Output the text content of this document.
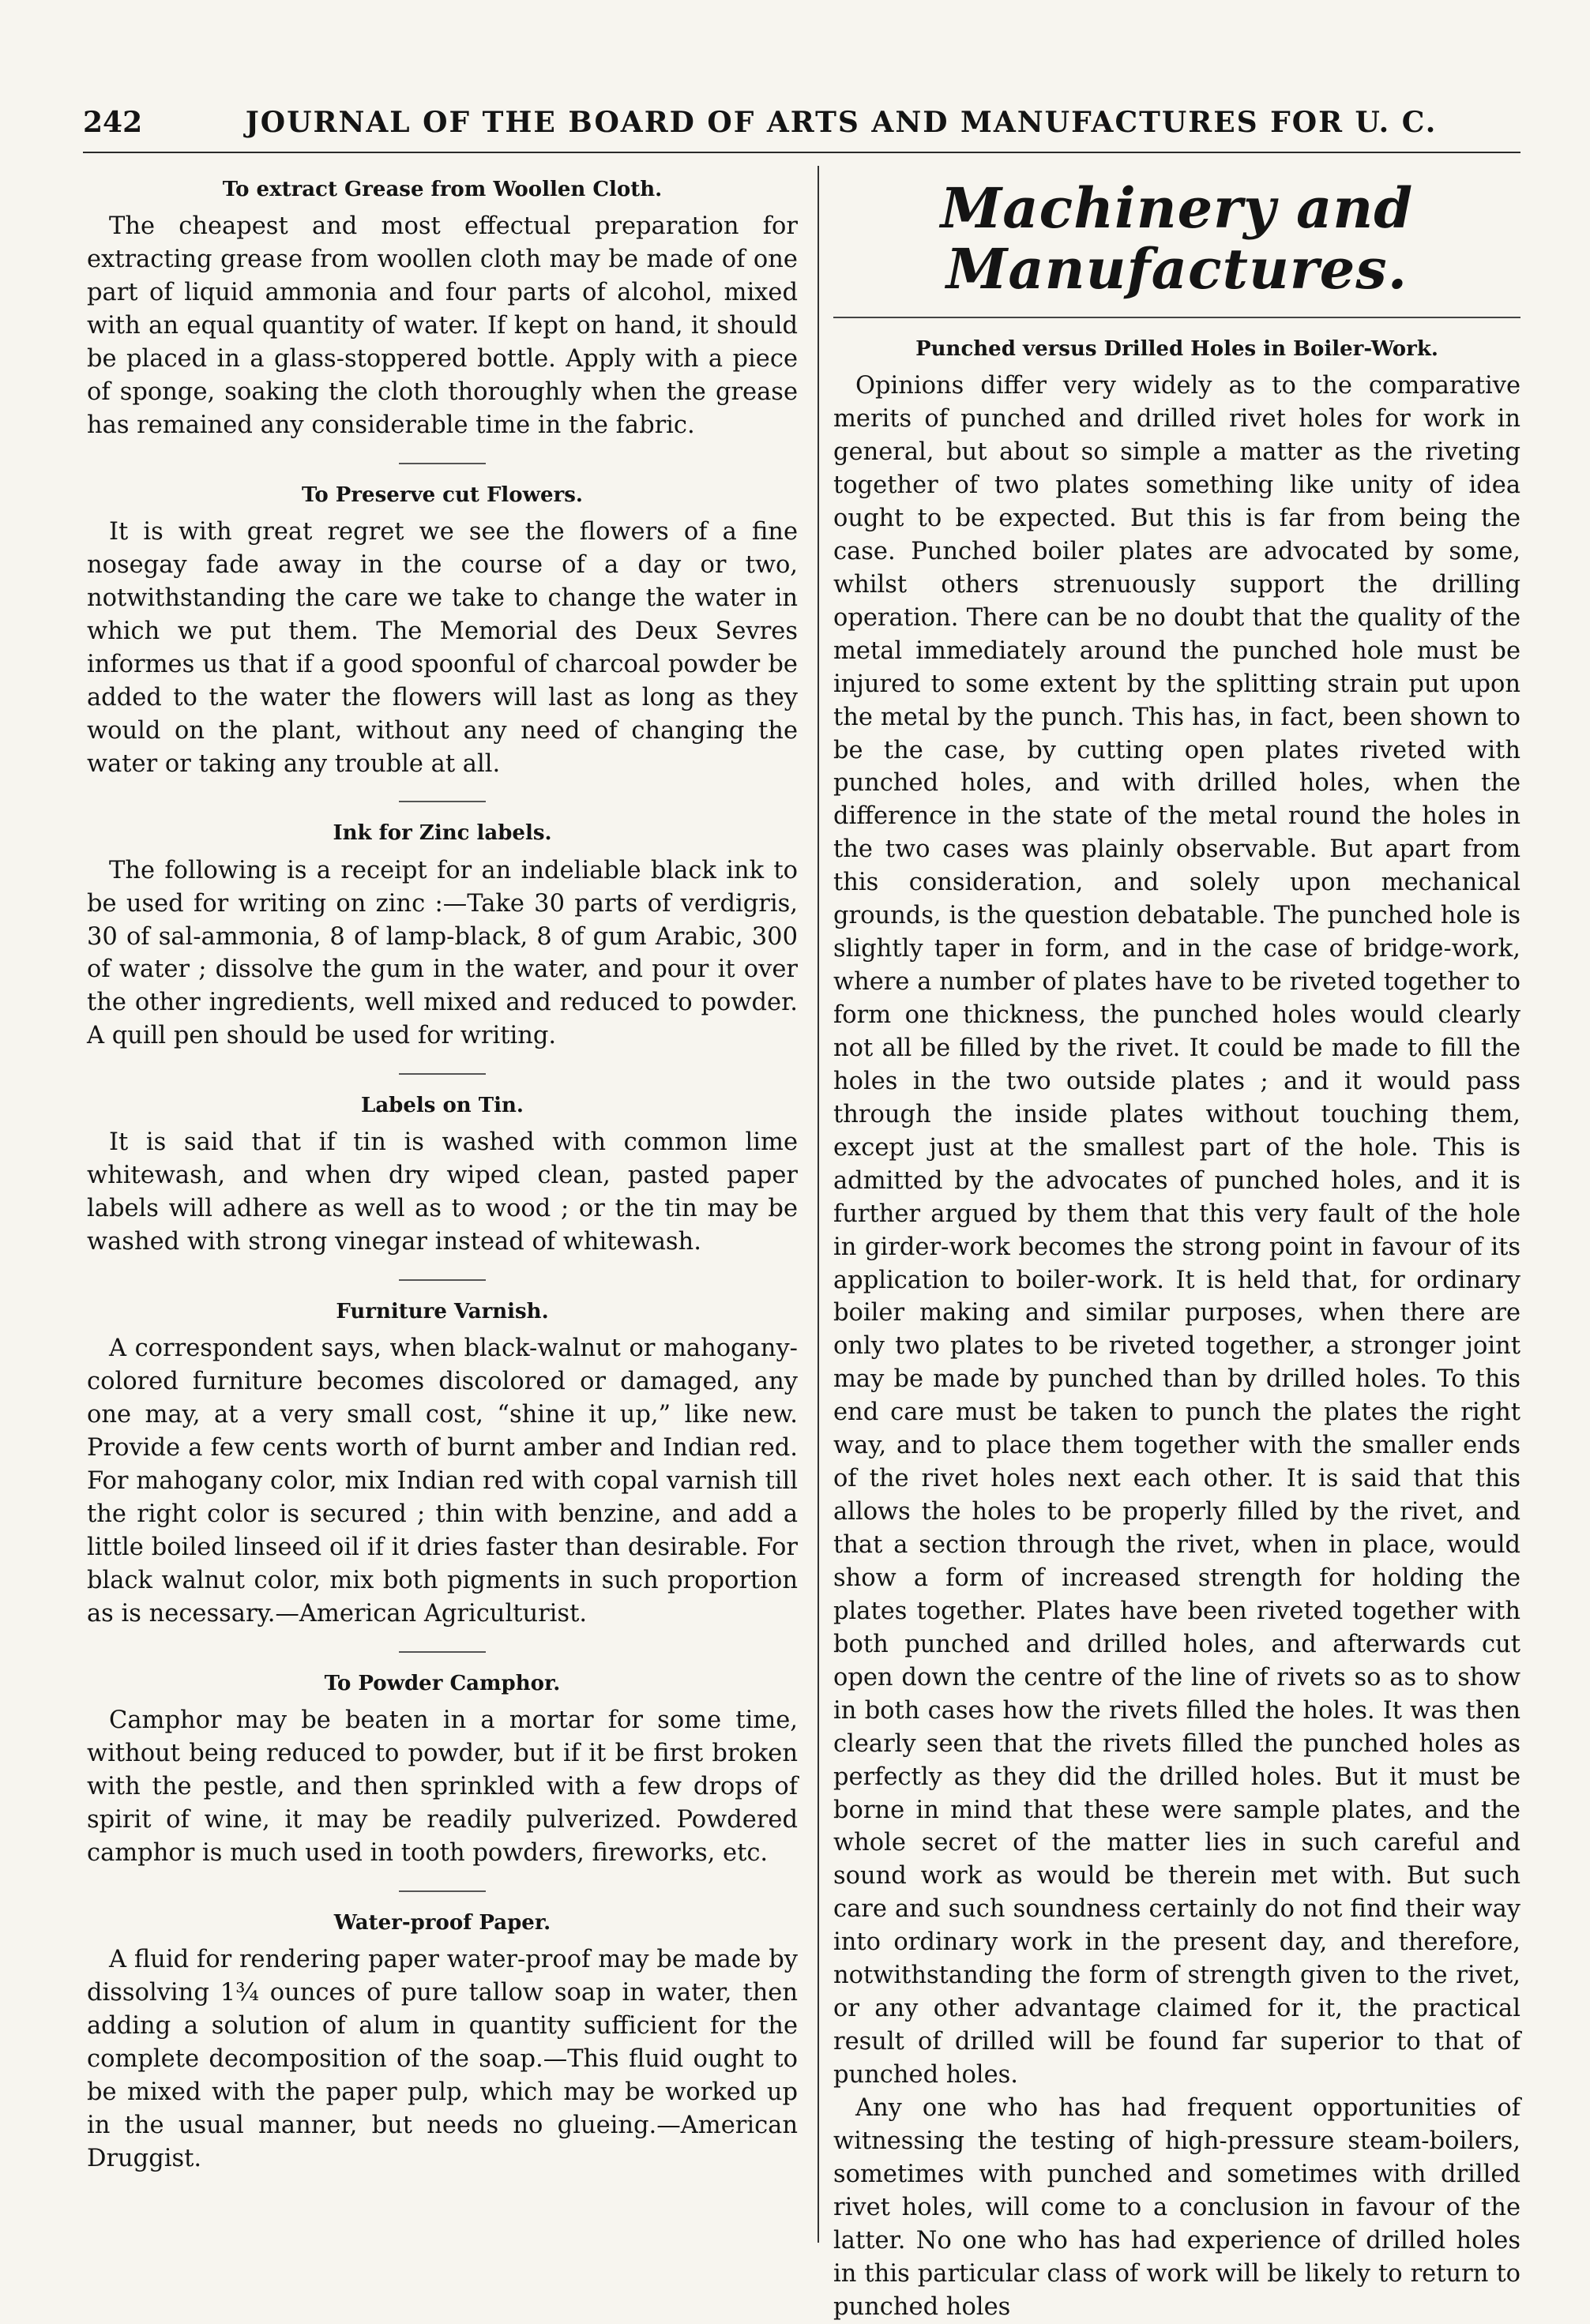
242	JOURNAL OF THE BOARD OF ARTS AND MANUFACTURES FOR U. C.
To extract Grease from Woollen Cloth.

The cheapest and most effectual preparation for extracting grease from woollen cloth may be made of one part of liquid ammonia and four parts of alcohol, mixed with an equal quantity of water. If kept on hand, it should be placed in a glass-stoppered bottle. Apply with a piece of sponge, soaking the cloth thoroughly when the grease has remained any considerable time in the fabric.

To Preserve cut Flowers.

It is with great regret we see the flowers of a fine nosegay fade away in the course of a day or two, notwithstanding the care we take to change the water in which we put them. The Memorial des Deux Sevres informes us that if a good spoonful of charcoal powder be added to the water the flowers will last as long as they would on the plant, without any need of changing the water or taking any trouble at all.

Ink for Zinc labels.

The following is a receipt for an indeliable black ink to be used for writing on zinc :—Take 30 parts of verdigris, 30 of sal-ammonia, 8 of lamp-black, 8 of gum Arabic, 300 of water ; dissolve the gum in the water, and pour it over the other ingredients, well mixed and reduced to powder. A quill pen should be used for writing.

Labels on Tin.

It is said that if tin is washed with common lime whitewash, and when dry wiped clean, pasted paper labels will adhere as well as to wood ; or the tin may be washed with strong vinegar instead of whitewash.

Furniture Varnish.

A correspondent says, when black-walnut or mahogany-colored furniture becomes discolored or damaged, any one may, at a very small cost, “shine it up,” like new. Provide a few cents worth of burnt amber and Indian red. For mahogany color, mix Indian red with copal varnish till the right color is secured ; thin with benzine, and add a little boiled linseed oil if it dries faster than desirable. For black walnut color, mix both pigments in such proportion as is necessary.—American Agriculturist.

To Powder Camphor.

Camphor may be beaten in a mortar for some time, without being reduced to powder, but if it be first broken with the pestle, and then sprinkled with a few drops of spirit of wine, it may be readily pulverized. Powdered camphor is much used in tooth powders, fireworks, etc.

Water-proof Paper.

A fluid for rendering paper water-proof may be made by dissolving 1¾ ounces of pure tallow soap in water, then adding a solution of alum in quantity sufficient for the complete decomposition of the soap.—This fluid ought to be mixed with the paper pulp, which may be worked up in the usual manner, but needs no glueing.—American Druggist.

Machinery and Manufactures.
Punched versus Drilled Holes in Boiler-Work.

Opinions differ very widely as to the comparative merits of punched and drilled rivet holes for work in general, but about so simple a matter as the riveting together of two plates something like unity of idea ought to be expected. But this is far from being the case. Punched boiler plates are advocated by some, whilst others strenuously support the drilling operation. There can be no doubt that the quality of the metal immediately around the punched hole must be injured to some extent by the splitting strain put upon the metal by the punch. This has, in fact, been shown to be the case, by cutting open plates riveted with punched holes, and with drilled holes, when the difference in the state of the metal round the holes in the two cases was plainly observable. But apart from this consideration, and solely upon mechanical grounds, is the question debatable. The punched hole is slightly taper in form, and in the case of bridge-work, where a number of plates have to be riveted together to form one thickness, the punched holes would clearly not all be filled by the rivet. It could be made to fill the holes in the two outside plates ; and it would pass through the inside plates without touching them, except just at the smallest part of the hole. This is admitted by the advocates of punched holes, and it is further argued by them that this very fault of the hole in girder-work becomes the strong point in favour of its application to boiler-work. It is held that, for ordinary boiler making and similar purposes, when there are only two plates to be riveted together, a stronger joint may be made by punched than by drilled holes. To this end care must be taken to punch the plates the right way, and to place them together with the smaller ends of the rivet holes next each other. It is said that this allows the holes to be properly filled by the rivet, and that a section through the rivet, when in place, would show a form of increased strength for holding the plates together. Plates have been riveted together with both punched and drilled holes, and afterwards cut open down the centre of the line of rivets so as to show in both cases how the rivets filled the holes. It was then clearly seen that the rivets filled the punched holes as perfectly as they did the drilled holes. But it must be borne in mind that these were sample plates, and the whole secret of the matter lies in such careful and sound work as would be therein met with. But such care and such soundness certainly do not find their way into ordinary work in the present day, and therefore, notwithstanding the form of strength given to the rivet, or any other advantage claimed for it, the practical result of drilled will be found far superior to that of punched holes.

Any one who has had frequent opportunities of witnessing the testing of high-pressure steam-boilers, sometimes with punched and sometimes with drilled rivet holes, will come to a conclusion in favour of the latter. No one who has had experience of drilled holes in this particular class of work will be likely to return to punched holes
